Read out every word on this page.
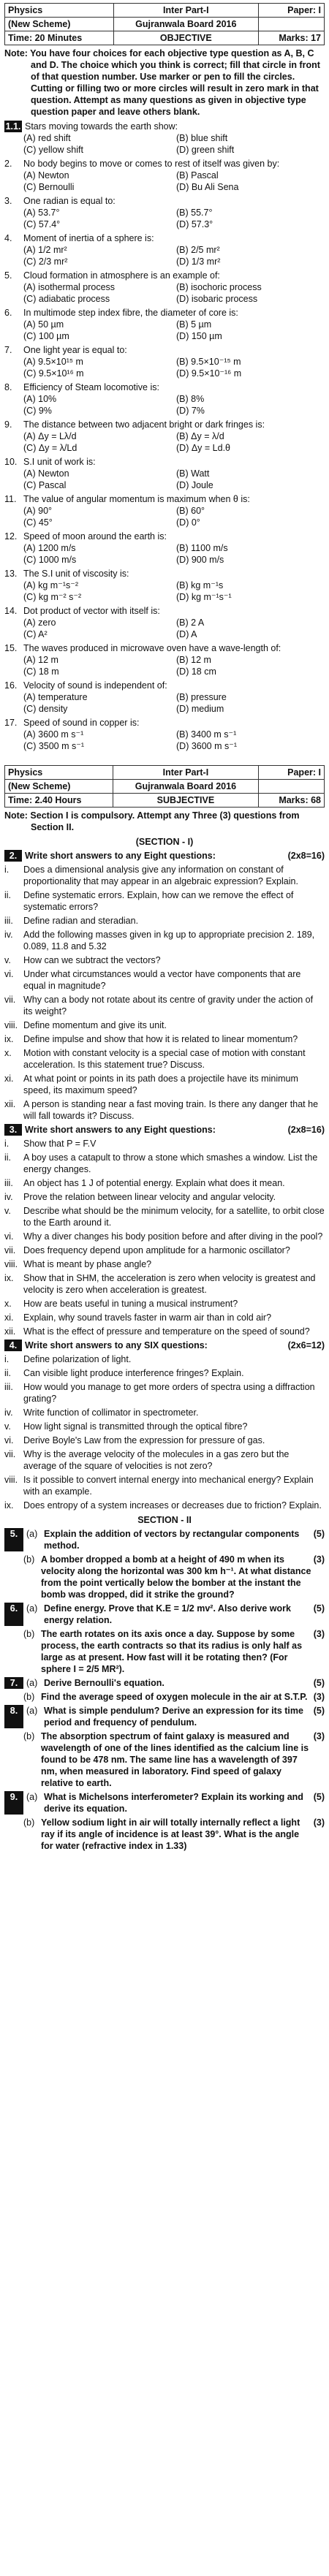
Physics	Inter Part-I	Paper: I
(New Scheme)	Gujranwala Board 2016	
Time: 20 Minutes	OBJECTIVE	Marks: 17
Note: You have four choices for each objective type question as A, B, C and D. The choice which you think is correct; fill that circle in front of that question number. Use marker or pen to fill the circles. Cutting or filling two or more circles will result in zero mark in that question. Attempt as many questions as given in objective type question paper and leave others blank.
1.1. Stars moving towards the earth show:
(A) red shift	(B) blue shift
(C) yellow shift	(D) green shift
2.	No body begins to move or comes to rest of itself was given by:
(A) Newton	(B) Pascal
(C) Bernoulli	(D) Bu Ali Sena
3.	One radian is equal to:
(A) 53.7°	(B) 55.7°
(C) 57.4°	(D) 57.3°
4.	Moment of inertia of a sphere is:
(A) 1/2 mr²	(B) 2/5 mr²
(C) 2/3 mr²	(D) 1/3 mr²
5.	Cloud formation in atmosphere is an example of:
(A) isothermal process	(B) isochoric process
(C) adiabatic process	(D) isobaric process
6.	In multimode step index fibre, the diameter of core is:
(A) 50 µm	(B) 5 µm
(C) 100 µm	(D) 150 µm
7.	One light year is equal to:
(A) 9.5×10¹⁵ m	(B) 9.5×10⁻¹⁵ m
(C) 9.5×10¹⁶ m	(D) 9.5×10⁻¹⁶ m
8.	Efficiency of Steam locomotive is:
(A) 10%	(B) 8%
(C) 9%	(D) 7%
9.	The distance between two adjacent bright or dark fringes is:
(A) Δy = Lλ/d	(B) Δy = λ/d
(C) Δy = λ/Ld	(D) Δy = Ld.θ
10. S.I unit of work is:
(A) Newton	(B) Watt
(C) Pascal	(D) Joule
11. The value of angular momentum is maximum when θ is:
(A) 90°	(B) 60°
(C) 45°	(D) 0°
12. Speed of moon around the earth is:
(A) 1200 m/s	(B) 1100 m/s
(C) 1000 m/s	(D) 900 m/s
13. The S.I unit of viscosity is:
(A) kg m⁻¹s⁻²	(B) kg m⁻¹s
(C) kg m⁻² s⁻²	(D) kg m⁻¹s⁻¹
14. Dot product of vector with itself is:
(A) zero	(B) 2 A
(C) A²	(D) A
15. The waves produced in microwave oven have a wave-length of:
(A) 12 m	(B) 12 m
(C) 18 m	(D) 18 cm
16. Velocity of sound is independent of:
(A) temperature	(B) pressure
(C) density	(D) medium
17. Speed of sound in copper is:
(A) 3600 m s⁻¹	(B) 3400 m s⁻¹
(C) 3500 m s⁻¹	(D) 3600 m s⁻¹
Physics	Inter Part-I	Paper: I
(New Scheme)	Gujranwala Board 2016	
Time: 2.40 Hours	SUBJECTIVE	Marks: 68
Note: Section I is compulsory. Attempt any Three (3) questions from Section II.
(SECTION - I)
2. Write short answers to any Eight questions:	(2x8=16)
i.	Does a dimensional analysis give any information on constant of proportionality that may appear in an algebraic expression? Explain.
ii.	Define systematic errors. Explain, how can we remove the effect of systematic errors?
iii.	Define radian and steradian.
iv.	Add the following masses given in kg up to appropriate precision 2. 189, 0.089, 11.8 and 5.32
v.	How can we subtract the vectors?
vi.	Under what circumstances would a vector have components that are equal in magnitude?
vii. Why can a body not rotate about its centre of gravity under the action of its weight?
viii. Define momentum and give its unit.
ix.	Define impulse and show that how it is related to linear momentum?
x.	Motion with constant velocity is a special case of motion with constant acceleration. Is this statement true? Discuss.
xi.	At what point or points in its path does a projectile have its minimum speed, its maximum speed?
xii. A person is standing near a fast moving train. Is there any danger that he will fall towards it? Discuss.
3. Write short answers to any Eight questions:	(2x8=16)
i.	Show that P = F.V
ii.	A boy uses a catapult to throw a stone which smashes a window. List the energy changes.
iii.	An object has 1 J of potential energy. Explain what does it mean.
iv.	Prove the relation between linear velocity and angular velocity.
v.	Describe what should be the minimum velocity, for a satellite, to orbit close to the Earth around it.
vi.	Why a diver changes his body position before and after diving in the pool?
vii. Does frequency depend upon amplitude for a harmonic oscillator?
viii. What is meant by phase angle?
ix.	Show that in SHM, the acceleration is zero when velocity is greatest and velocity is zero when acceleration is greatest.
x.	How are beats useful in tuning a musical instrument?
xi.	Explain, why sound travels faster in warm air than in cold air?
xii. What is the effect of pressure and temperature on the speed of sound?
4. Write short answers to any SIX questions:	(2x6=12)
i.	Define polarization of light.
ii.	Can visible light produce interference fringes? Explain.
iii.	How would you manage to get more orders of spectra using a diffraction grating?
iv.	Write function of collimator in spectrometer.
v.	How light signal is transmitted through the optical fibre?
vi.	Derive Boyle's Law from the expression for pressure of gas.
vii. Why is the average velocity of the molecules in a gas zero but the average of the square of velocities is not zero?
viii. Is it possible to convert internal energy into mechanical energy? Explain with an example.
ix.	Does entropy of a system increases or decreases due to friction? Explain.
SECTION - II
5. (a) Explain the addition of vectors by rectangular components method.
(5)
(b) A bomber dropped a bomb at a height of 490 m when its velocity along the horizontal was 300 km h⁻¹. At what distance from the point vertically below the bomber at the instant the bomb was dropped, did it strike the ground?
(3)
6. (a) Define energy. Prove that K.E = 1/2 mv². Also derive work energy relation.
(5)
(b) The earth rotates on its axis once a day. Suppose by some process, the earth contracts so that its radius is only half as large as at present. How fast will it be rotating then? (For sphere I = 2/5 MR²).
(3)
7. (a) Derive Bernoulli's equation.	(5)
(b) Find the average speed of oxygen molecule in the air at S.T.P. (3)
8. (a) What is simple pendulum? Derive an expression for its time period and frequency of pendulum.
(5)
(b) The absorption spectrum of faint galaxy is measured and wavelength of one of the lines identified as the calcium line is found to be 478 nm. The same line has a wavelength of 397 nm, when measured in laboratory. Find speed of galaxy relative to earth.
(3)
9. (a) What is Michelsons interferometer? Explain its working and derive its equation.
(5)
(b) Yellow sodium light in air will totally internally reflect a light ray if its angle of incidence is at least 39°. What is the angle for water (refractive index in 1.33)
(3)
